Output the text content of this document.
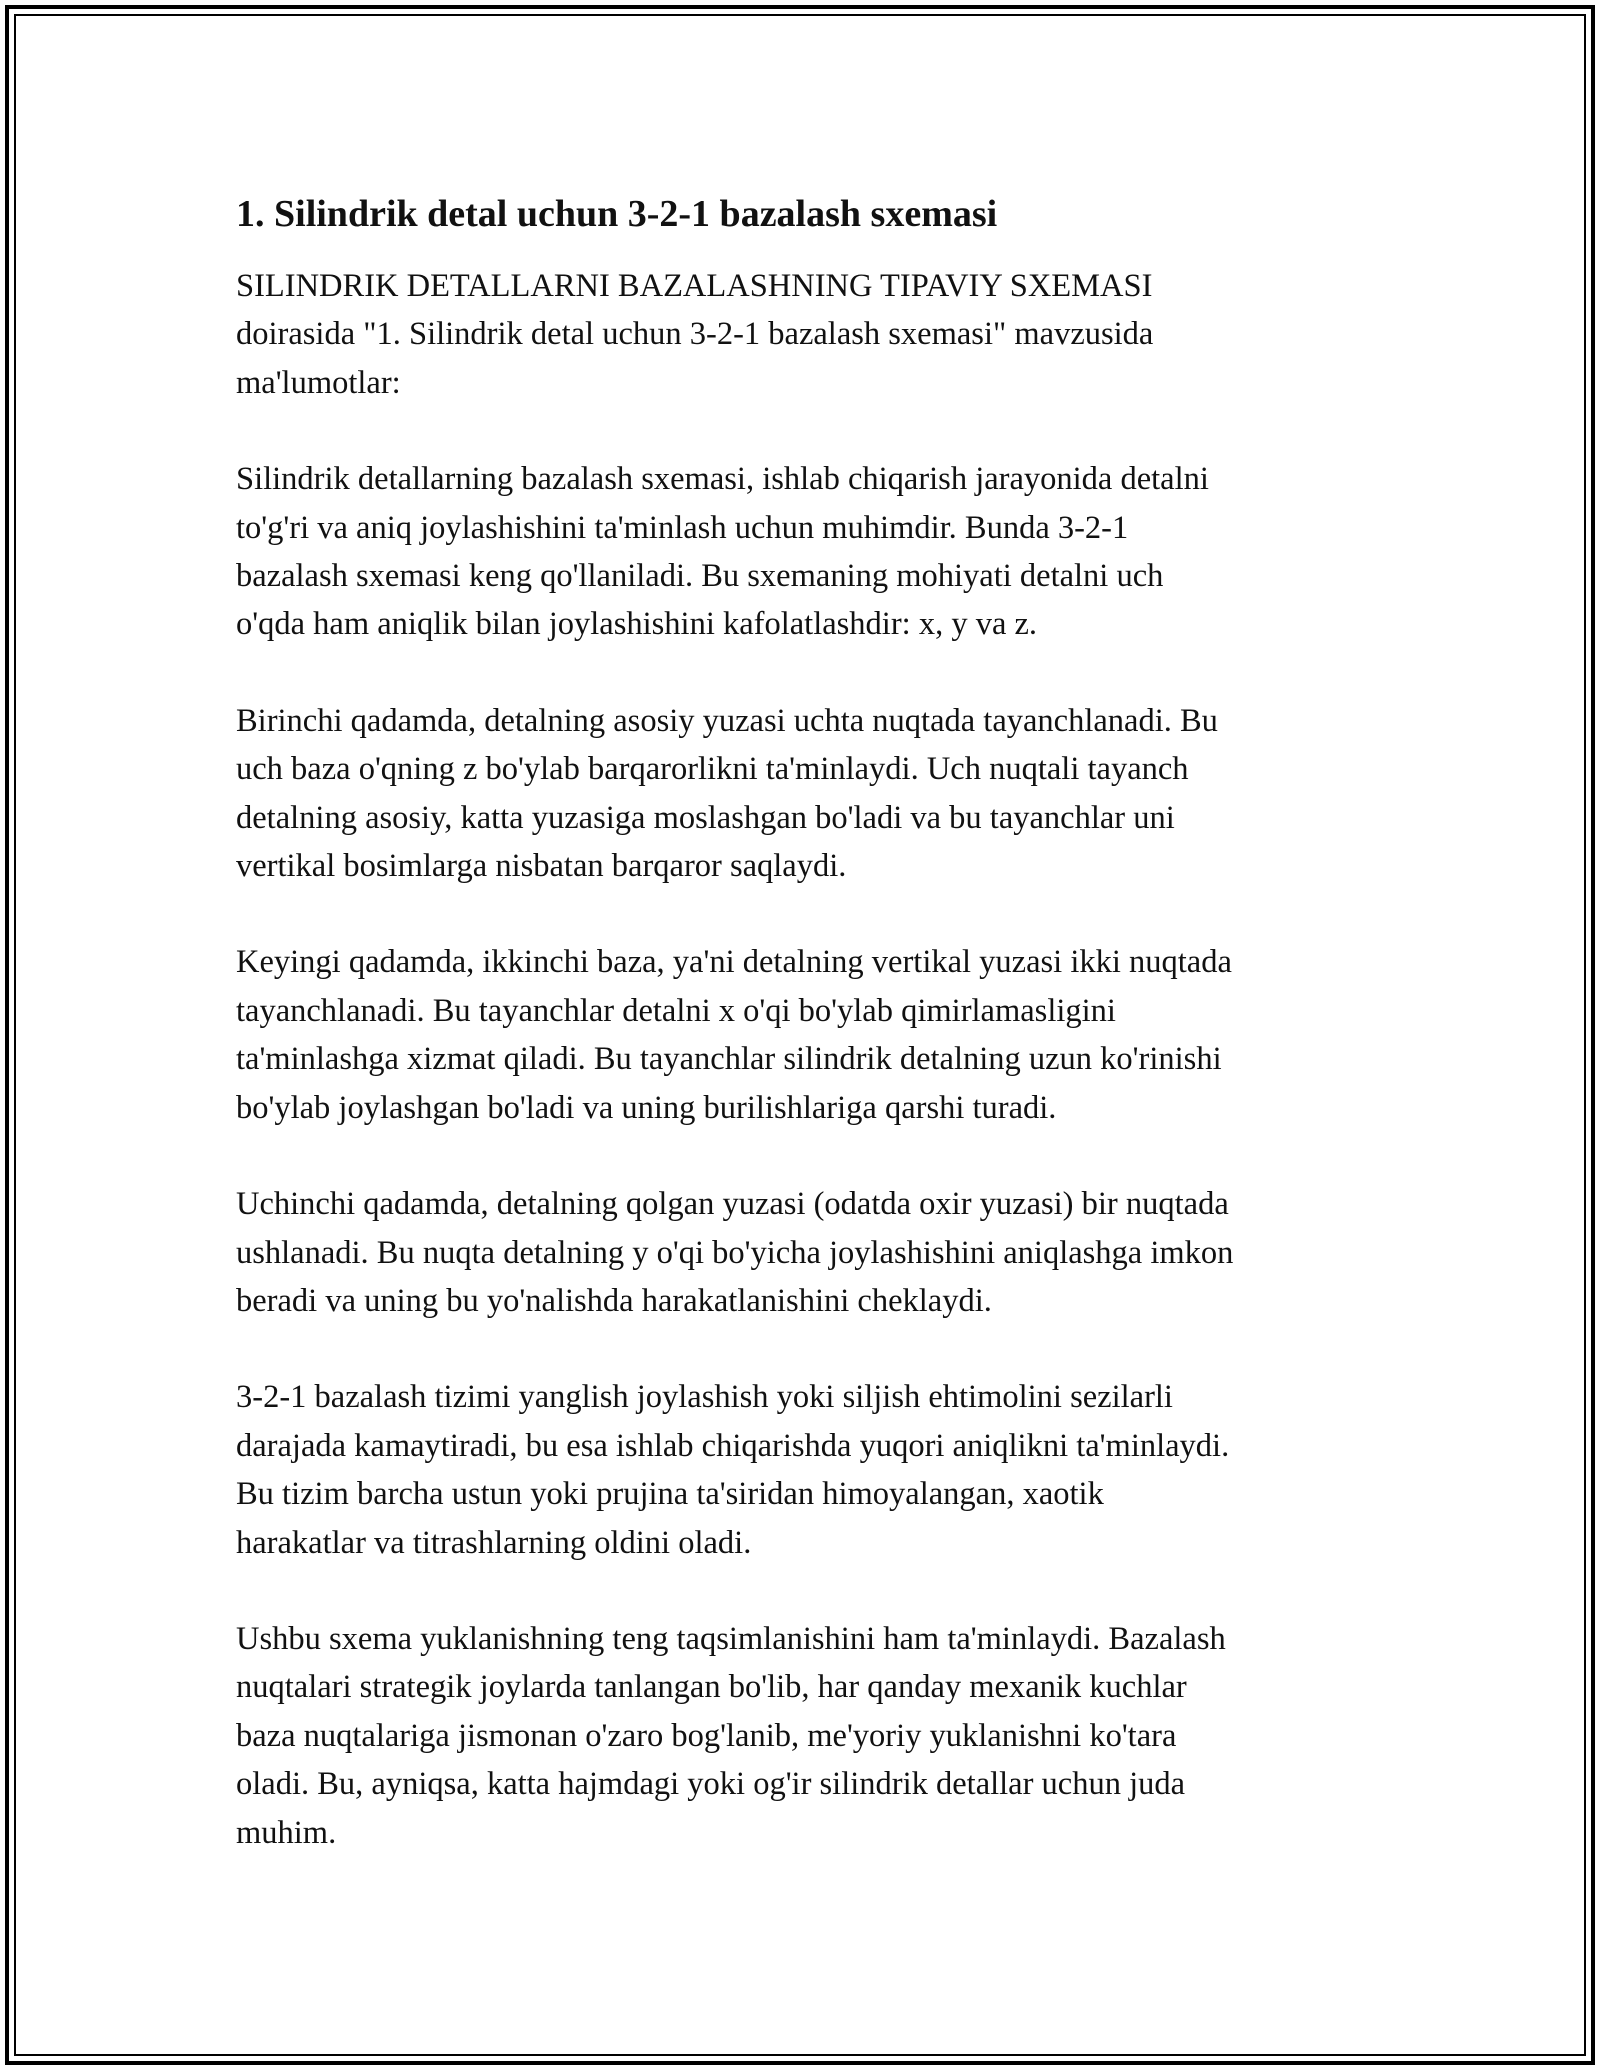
1. Silindrik detal uchun 3-2-1 bazalash sxemasi

SILINDRIK DETALLARNI BAZALASHNING TIPAVIY SXEMASI
doirasida "1. Silindrik detal uchun 3-2-1 bazalash sxemasi" mavzusida
ma'lumotlar:

Silindrik detallarning bazalash sxemasi, ishlab chiqarish jarayonida detalni
to'g'ri va aniq joylashishini ta'minlash uchun muhimdir. Bunda 3-2-1
bazalash sxemasi keng qo'llaniladi. Bu sxemaning mohiyati detalni uch
o'qda ham aniqlik bilan joylashishini kafolatlashdir: x, y va z.

Birinchi qadamda, detalning asosiy yuzasi uchta nuqtada tayanchlanadi. Bu
uch baza o'qning z bo'ylab barqarorlikni ta'minlaydi. Uch nuqtali tayanch
detalning asosiy, katta yuzasiga moslashgan bo'ladi va bu tayanchlar uni
vertikal bosimlarga nisbatan barqaror saqlaydi.

Keyingi qadamda, ikkinchi baza, ya'ni detalning vertikal yuzasi ikki nuqtada
tayanchlanadi. Bu tayanchlar detalni x o'qi bo'ylab qimirlamasligini
ta'minlashga xizmat qiladi. Bu tayanchlar silindrik detalning uzun ko'rinishi
bo'ylab joylashgan bo'ladi va uning burilishlariga qarshi turadi.

Uchinchi qadamda, detalning qolgan yuzasi (odatda oxir yuzasi) bir nuqtada
ushlanadi. Bu nuqta detalning y o'qi bo'yicha joylashishini aniqlashga imkon
beradi va uning bu yo'nalishda harakatlanishini cheklaydi.

3-2-1 bazalash tizimi yanglish joylashish yoki siljish ehtimolini sezilarli
darajada kamaytiradi, bu esa ishlab chiqarishda yuqori aniqlikni ta'minlaydi.
Bu tizim barcha ustun yoki prujina ta'siridan himoyalangan, xaotik
harakatlar va titrashlarning oldini oladi.

Ushbu sxema yuklanishning teng taqsimlanishini ham ta'minlaydi. Bazalash
nuqtalari strategik joylarda tanlangan bo'lib, har qanday mexanik kuchlar
baza nuqtalariga jismonan o'zaro bog'lanib, me'yoriy yuklanishni ko'tara
oladi. Bu, ayniqsa, katta hajmdagi yoki og'ir silindrik detallar uchun juda
muhim.
